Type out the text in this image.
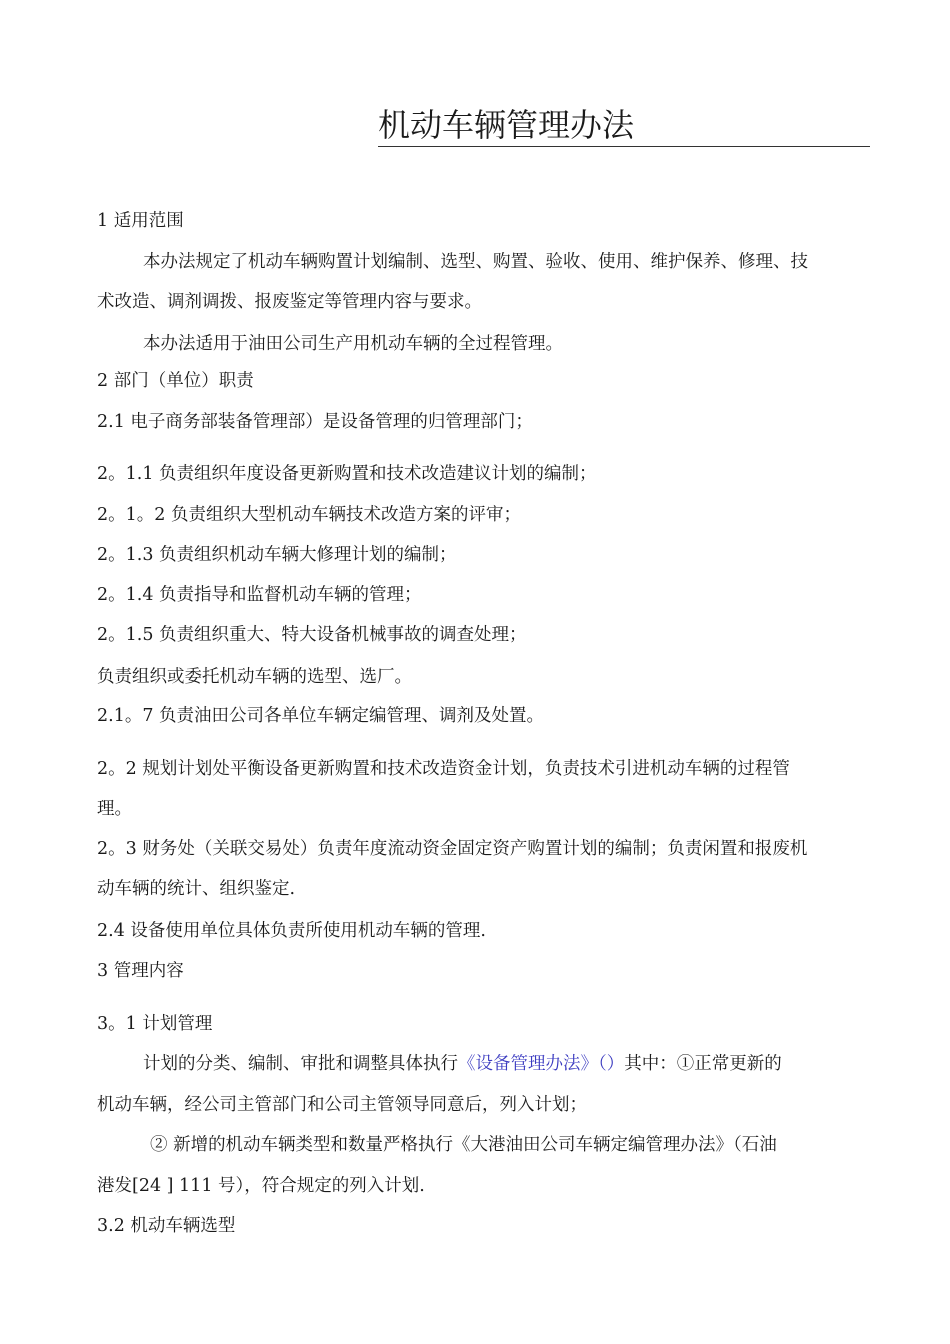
机动车辆管理办法
1 适用范围
本办法规定了机动车辆购置计划编制、选型、购置、验收、使用、维护保养、修理、技
术改造、调剂调拨、报废鉴定等管理内容与要求。
本办法适用于油田公司生产用机动车辆的全过程管理。
2 部门（单位）职责
2.1 电子商务部装备管理部）是设备管理的归管理部门；
2。1.1 负责组织年度设备更新购置和技术改造建议计划的编制；
2。1。2 负责组织大型机动车辆技术改造方案的评审；
2。1.3 负责组织机动车辆大修理计划的编制；
2。1.4 负责指导和监督机动车辆的管理；
2。1.5 负责组织重大、特大设备机械事故的调查处理；
负责组织或委托机动车辆的选型、选厂。
2.1。7 负责油田公司各单位车辆定编管理、调剂及处置。
2。2 规划计划处平衡设备更新购置和技术改造资金计划，负责技术引进机动车辆的过程管
理。
2。3 财务处（关联交易处）负责年度流动资金固定资产购置计划的编制；负责闲置和报废机
动车辆的统计、组织鉴定.
2.4 设备使用单位具体负责所使用机动车辆的管理.
3 管理内容
3。1 计划管理
计划的分类、编制、审批和调整具体执行《设备管理办法》（）其中：①正常更新的
机动车辆，经公司主管部门和公司主管领导同意后，列入计划；
② 新增的机动车辆类型和数量严格执行《大港油田公司车辆定编管理办法》（石油
港发[24 ] 111 号），符合规定的列入计划.
3.2 机动车辆选型
